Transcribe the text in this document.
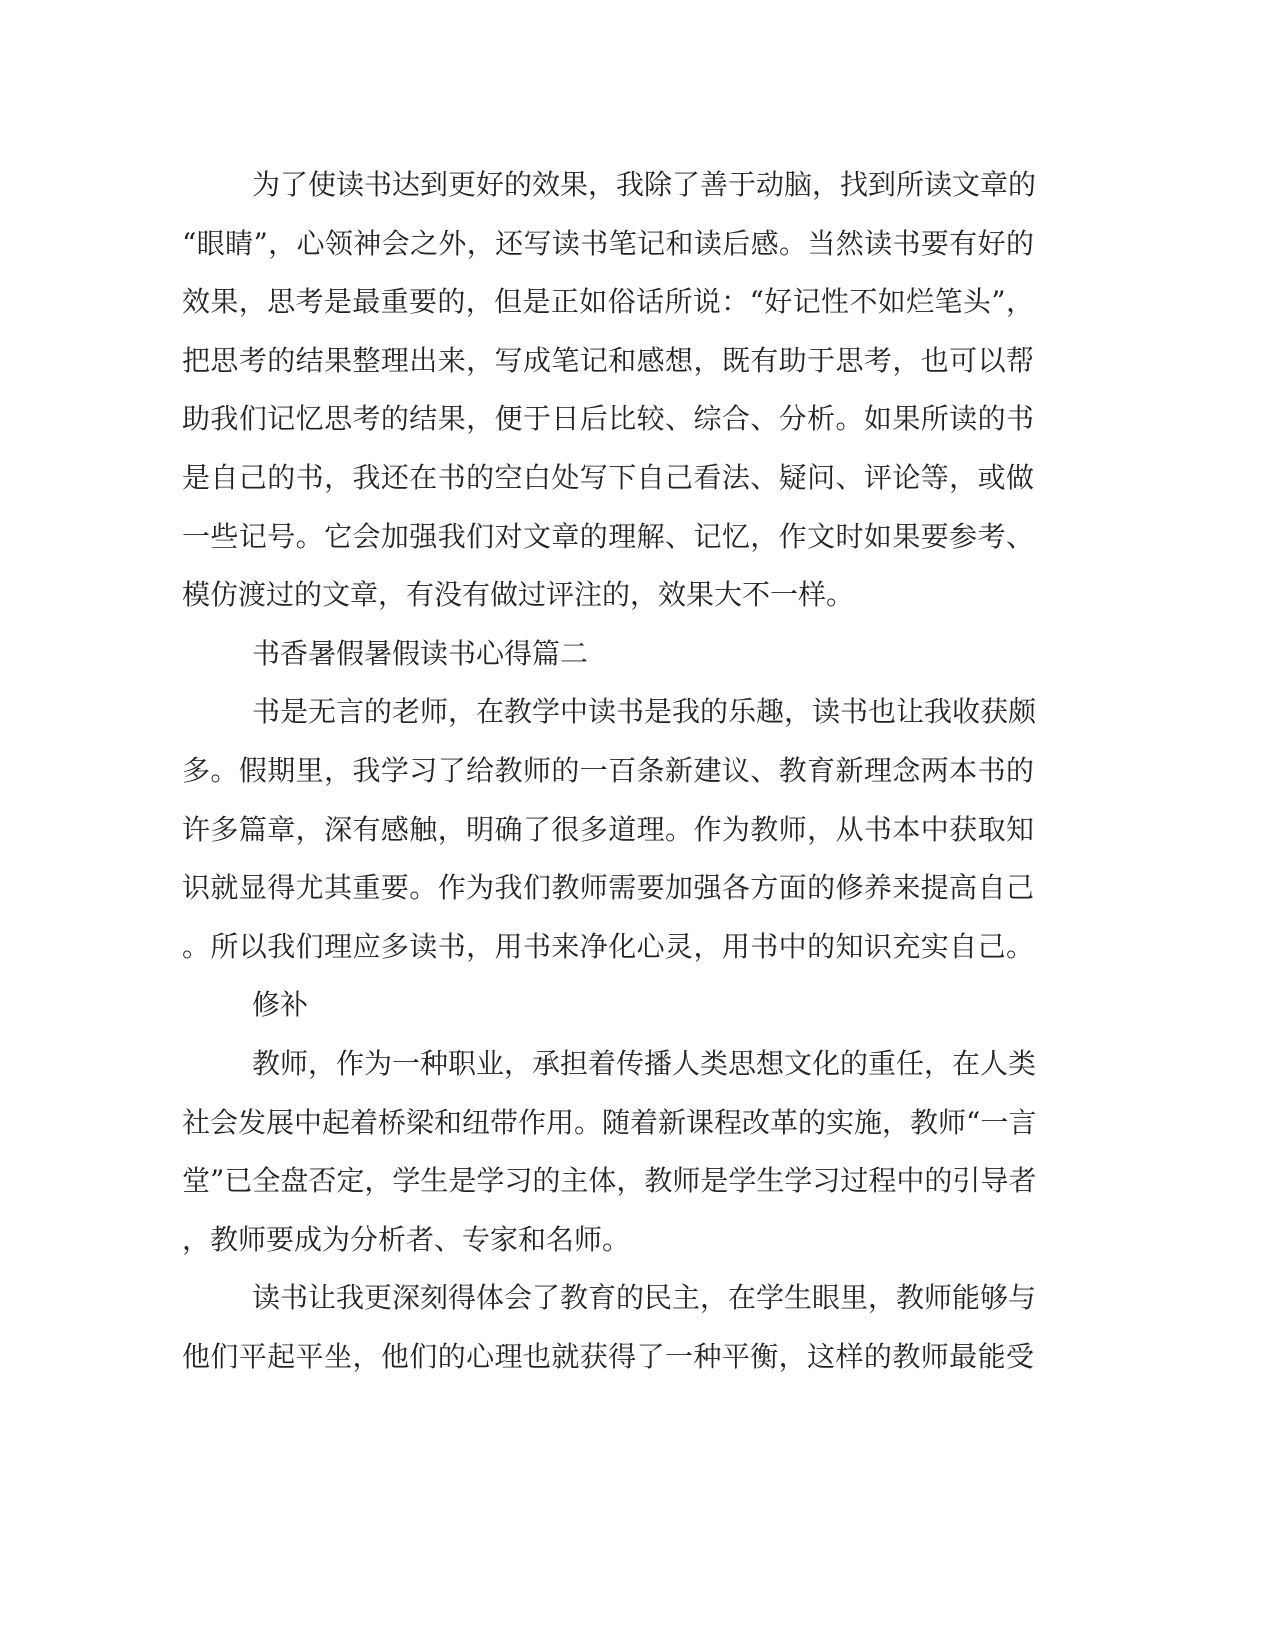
为了使读书达到更好的效果，我除了善于动脑，找到所读文章的
“眼睛”，心领神会之外，还写读书笔记和读后感。当然读书要有好的
效果，思考是最重要的，但是正如俗话所说：“好记性不如烂笔头”，
把思考的结果整理出来，写成笔记和感想，既有助于思考，也可以帮
助我们记忆思考的结果，便于日后比较、综合、分析。如果所读的书
是自己的书，我还在书的空白处写下自己看法、疑问、评论等，或做
一些记号。它会加强我们对文章的理解、记忆，作文时如果要参考、
模仿渡过的文章，有没有做过评注的，效果大不一样。
书香暑假暑假读书心得篇二
书是无言的老师，在教学中读书是我的乐趣，读书也让我收获颇
多。假期里，我学习了给教师的一百条新建议、教育新理念两本书的
许多篇章，深有感触，明确了很多道理。作为教师，从书本中获取知
识就显得尤其重要。作为我们教师需要加强各方面的修养来提高自己
。所以我们理应多读书，用书来净化心灵，用书中的知识充实自己。
修补
教师，作为一种职业，承担着传播人类思想文化的重任，在人类
社会发展中起着桥梁和纽带作用。随着新课程改革的实施，教师“一言
堂”已全盘否定，学生是学习的主体，教师是学生学习过程中的引导者
，教师要成为分析者、专家和名师。
读书让我更深刻得体会了教育的民主，在学生眼里，教师能够与
他们平起平坐，他们的心理也就获得了一种平衡，这样的教师最能受
